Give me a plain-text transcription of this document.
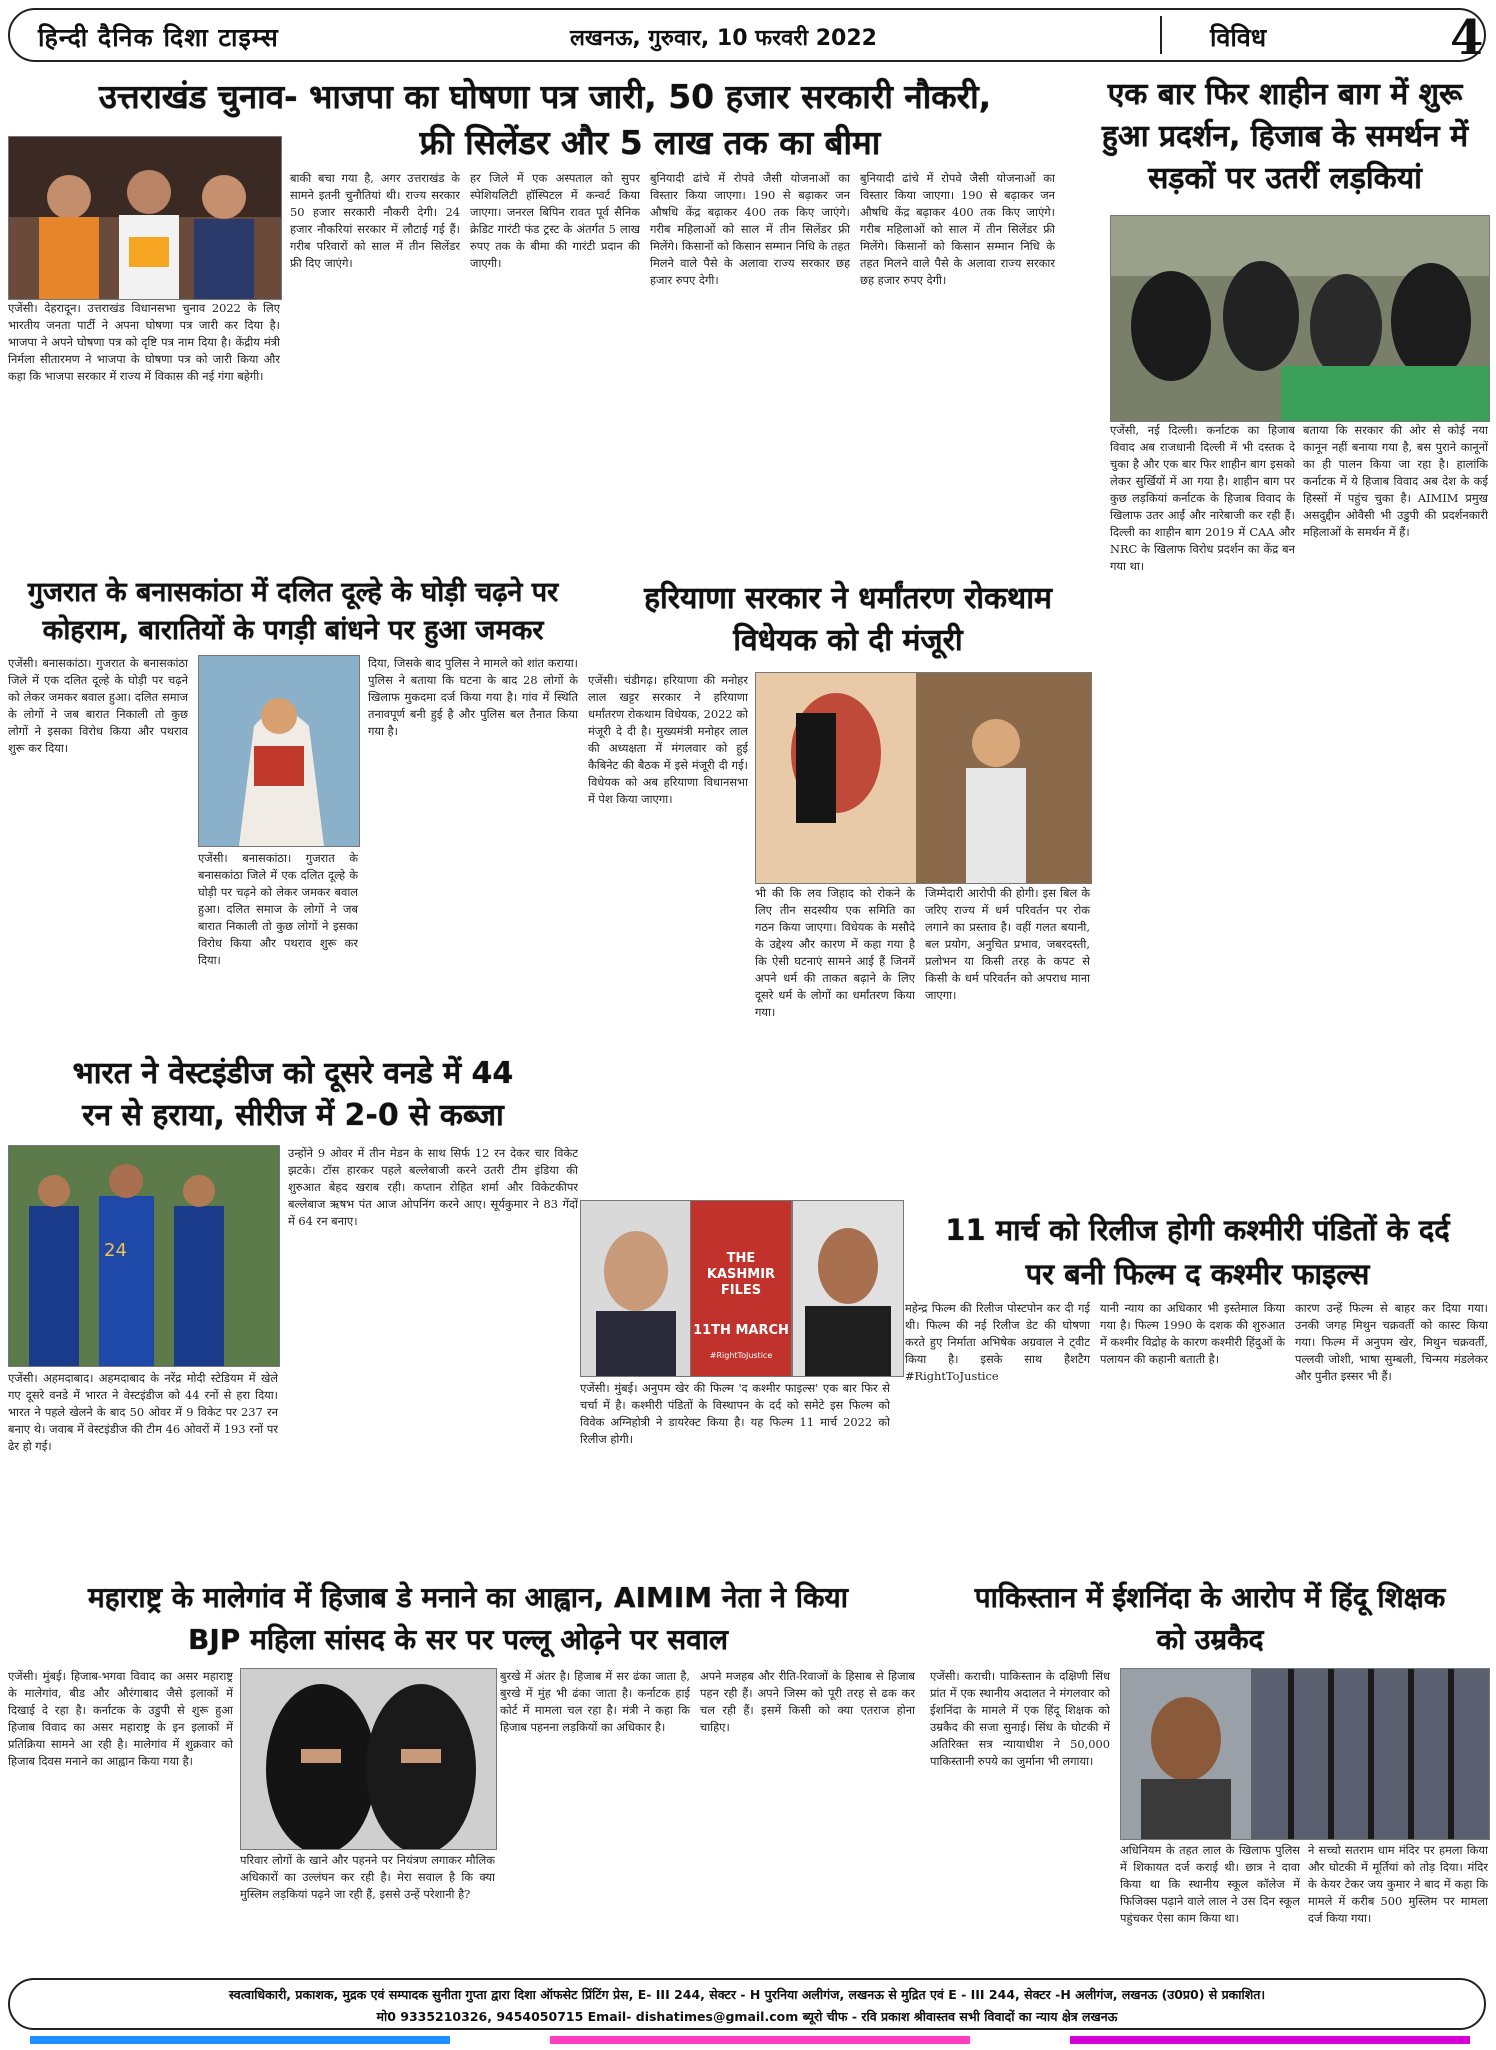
हिन्दी दैनिक दिशा टाइम्स	लखनऊ, गुरुवार, 10 फरवरी 2022	विविध	4
उत्तराखंड चुनाव- भाजपा का घोषणा पत्र जारी, 50 हजार सरकारी नौकरी,
फ्री सिलेंडर और 5 लाख तक का बीमा
एजेंसी। देहरादून। उत्तराखंड विधानसभा चुनाव 2022 के लिए भारतीय जनता पार्टी ने अपना घोषणा पत्र जारी कर दिया है। भाजपा ने अपने घोषणा पत्र को दृष्टि पत्र नाम दिया है। केंद्रीय मंत्री निर्मला सीतारमण ने भाजपा के घोषणा पत्र को जारी किया और कहा कि भाजपा सरकार में राज्य में विकास की नई गंगा बहेगी।
बाकी बचा गया है, अगर उत्तराखंड के सामने इतनी चुनौतियां थी। राज्य सरकार 50 हजार सरकारी नौकरी देगी। 24 हजार नौकरियां सरकार में लौटाई गई हैं। गरीब परिवारों को साल में तीन सिलेंडर फ्री दिए जाएंगे।
हर जिले में एक अस्पताल को सुपर स्पेशियलिटी हॉस्पिटल में कन्वर्ट किया जाएगा। जनरल बिपिन रावत पूर्व सैनिक क्रेडिट गारंटी फंड ट्रस्ट के अंतर्गत 5 लाख रुपए तक के बीमा की गारंटी प्रदान की जाएगी।
बुनियादी ढांचे में रोपवे जैसी योजनाओं का विस्तार किया जाएगा। 190 से बढ़ाकर जन औषधि केंद्र बढ़ाकर 400 तक किए जाएंगे। गरीब महिलाओं को साल में तीन सिलेंडर फ्री मिलेंगे। किसानों को किसान सम्मान निधि के तहत मिलने वाले पैसे के अलावा राज्य सरकार छह हजार रुपए देगी।
बुनियादी ढांचे में रोपवे जैसी योजनाओं का विस्तार किया जाएगा। 190 से बढ़ाकर जन औषधि केंद्र बढ़ाकर 400 तक किए जाएंगे। गरीब महिलाओं को साल में तीन सिलेंडर फ्री मिलेंगे। किसानों को किसान सम्मान निधि के तहत मिलने वाले पैसे के अलावा राज्य सरकार छह हजार रुपए देगी।
एक बार फिर शाहीन बाग में शुरू
हुआ प्रदर्शन, हिजाब के समर्थन में
सड़कों पर उतरीं लड़कियां
एजेंसी, नई दिल्ली। कर्नाटक का हिजाब विवाद अब राजधानी दिल्ली में भी दस्तक दे चुका है और एक बार फिर शाहीन बाग इसको लेकर सुर्खियों में आ गया है। शाहीन बाग पर कुछ लड़कियां कर्नाटक के हिजाब विवाद के खिलाफ उतर आईं और नारेबाजी कर रही हैं। दिल्ली का शाहीन बाग 2019 में CAA और NRC के खिलाफ विरोध प्रदर्शन का केंद्र बन गया था।
बताया कि सरकार की ओर से कोई नया कानून नहीं बनाया गया है, बस पुराने कानूनों का ही पालन किया जा रहा है। हालांकि कर्नाटक में ये हिजाब विवाद अब देश के कई हिस्सों में पहुंच चुका है। AIMIM प्रमुख असदुद्दीन ओवैसी भी उडुपी की प्रदर्शनकारी महिलाओं के समर्थन में हैं।
गुजरात के बनासकांठा में दलित दूल्हे के घोड़ी चढ़ने पर
कोहराम, बारातियों के पगड़ी बांधने पर हुआ जमकर
एजेंसी। बनासकांठा। गुजरात के बनासकांठा जिले में एक दलित दूल्हे के घोड़ी पर चढ़ने को लेकर जमकर बवाल हुआ। दलित समाज के लोगों ने जब बारात निकाली तो कुछ लोगों ने इसका विरोध किया और पथराव शुरू कर दिया।
एजेंसी। बनासकांठा। गुजरात के बनासकांठा जिले में एक दलित दूल्हे के घोड़ी पर चढ़ने को लेकर जमकर बवाल हुआ। दलित समाज के लोगों ने जब बारात निकाली तो कुछ लोगों ने इसका विरोध किया और पथराव शुरू कर दिया।
दिया, जिसके बाद पुलिस ने मामले को शांत कराया। पुलिस ने बताया कि घटना के बाद 28 लोगों के खिलाफ मुकदमा दर्ज किया गया है। गांव में स्थिति तनावपूर्ण बनी हुई है और पुलिस बल तैनात किया गया है।
हरियाणा सरकार ने धर्मांतरण रोकथाम
विधेयक को दी मंजूरी
एजेंसी। चंडीगढ़। हरियाणा की मनोहर लाल खट्टर सरकार ने हरियाणा धर्मांतरण रोकथाम विधेयक, 2022 को मंजूरी दे दी है। मुख्यमंत्री मनोहर लाल की अध्यक्षता में मंगलवार को हुई कैबिनेट की बैठक में इसे मंजूरी दी गई। विधेयक को अब हरियाणा विधानसभा में पेश किया जाएगा।
भी की कि लव जिहाद को रोकने के लिए तीन सदस्यीय एक समिति का गठन किया जाएगा। विधेयक के मसौदे के उद्देश्य और कारण में कहा गया है कि ऐसी घटनाएं सामने आई हैं जिनमें अपने धर्म की ताकत बढ़ाने के लिए दूसरे धर्म के लोगों का धर्मांतरण किया गया।
जिम्मेदारी आरोपी की होगी। इस बिल के जरिए राज्य में धर्म परिवर्तन पर रोक लगाने का प्रस्ताव है। वहीं गलत बयानी, बल प्रयोग, अनुचित प्रभाव, जबरदस्ती, प्रलोभन या किसी तरह के कपट से किसी के धर्म परिवर्तन को अपराध माना जाएगा।
भारत ने वेस्टइंडीज को दूसरे वनडे में 44
रन से हराया, सीरीज में 2-0 से कब्जा
24
एजेंसी। अहमदाबाद। अहमदाबाद के नरेंद्र मोदी स्टेडियम में खेले गए दूसरे वनडे में भारत ने वेस्टइंडीज को 44 रनों से हरा दिया। भारत ने पहले खेलने के बाद 50 ओवर में 9 विकेट पर 237 रन बनाए थे। जवाब में वेस्टइंडीज की टीम 46 ओवरों में 193 रनों पर ढेर हो गई।
उन्होंने 9 ओवर में तीन मेडन के साथ सिर्फ 12 रन देकर चार विकेट झटके। टॉस हारकर पहले बल्लेबाजी करने उतरी टीम इंडिया की शुरुआत बेहद खराब रही। कप्तान रोहित शर्मा और विकेटकीपर बल्लेबाज ऋषभ पंत आज ओपनिंग करने आए। सूर्यकुमार ने 83 गेंदों में 64 रन बनाए।
THE KASHMIR FILES
11TH MARCH
#RightToJustice
11 मार्च को रिलीज होगी कश्मीरी पंडितों के दर्द
पर बनी फिल्म द कश्मीर फाइल्स
एजेंसी। मुंबई। अनुपम खेर की फिल्म 'द कश्मीर फाइल्स' एक बार फिर से चर्चा में है। कश्मीरी पंडितों के विस्थापन के दर्द को समेटे इस फिल्म को विवेक अग्निहोत्री ने डायरेक्ट किया है। यह फिल्म 11 मार्च 2022 को रिलीज होगी।
महेन्द्र फिल्म की रिलीज पोस्टपोन कर दी गई थी। फिल्म की नई रिलीज डेट की घोषणा करते हुए निर्माता अभिषेक अग्रवाल ने ट्वीट किया है। इसके साथ हैशटैग #RightToJustice
यानी न्याय का अधिकार भी इस्तेमाल किया गया है। फिल्म 1990 के दशक की शुरुआत में कश्मीर विद्रोह के कारण कश्मीरी हिंदुओं के पलायन की कहानी बताती है।
कारण उन्हें फिल्म से बाहर कर दिया गया। उनकी जगह मिथुन चक्रवर्ती को कास्ट किया गया। फिल्म में अनुपम खेर, मिथुन चक्रवर्ती, पल्लवी जोशी, भाषा सुम्बली, चिन्मय मंडलेकर और पुनीत इस्सर भी हैं।
महाराष्ट्र के मालेगांव में हिजाब डे मनाने का आह्वान, AIMIM नेता ने किया
BJP महिला सांसद के सर पर पल्लू ओढ़ने पर सवाल
एजेंसी। मुंबई। हिजाब-भगवा विवाद का असर महाराष्ट्र के मालेगांव, बीड और औरंगाबाद जैसे इलाकों में दिखाई दे रहा है। कर्नाटक के उडुपी से शुरू हुआ हिजाब विवाद का असर महाराष्ट्र के इन इलाकों में प्रतिक्रिया सामने आ रही है। मालेगांव में शुक्रवार को हिजाब दिवस मनाने का आह्वान किया गया है।
परिवार लोगों के खाने और पहनने पर नियंत्रण लगाकर मौलिक अधिकारों का उल्लंघन कर रही है। मेरा सवाल है कि क्या मुस्लिम लड़कियां पढ़ने जा रही हैं, इससे उन्हें परेशानी है?
बुरखे में अंतर है। हिजाब में सर ढंका जाता है, बुरखे में मुंह भी ढंका जाता है। कर्नाटक हाई कोर्ट में मामला चल रहा है। मंत्री ने कहा कि हिजाब पहनना लड़कियों का अधिकार है।
अपने मजहब और रीति-रिवाजों के हिसाब से हिजाब पहन रही हैं। अपने जिस्म को पूरी तरह से ढक कर चल रही हैं। इसमें किसी को क्या एतराज होना चाहिए।
पाकिस्तान में ईशनिंदा के आरोप में हिंदू शिक्षक
को उम्रकैद
एजेंसी। कराची। पाकिस्तान के दक्षिणी सिंध प्रांत में एक स्थानीय अदालत ने मंगलवार को ईशनिंदा के मामले में एक हिंदू शिक्षक को उम्रकैद की सजा सुनाई। सिंध के घोटकी में अतिरिक्त सत्र न्यायाधीश ने 50,000 पाकिस्तानी रुपये का जुर्माना भी लगाया।
अधिनियम के तहत लाल के खिलाफ पुलिस में शिकायत दर्ज कराई थी। छात्र ने दावा किया था कि स्थानीय स्कूल कॉलेज में फिजिक्स पढ़ाने वाले लाल ने उस दिन स्कूल पहुंचकर ऐसा काम किया था।
ने सच्चो सतराम धाम मंदिर पर हमला किया और घोटकी में मूर्तियां को तोड़ दिया। मंदिर के केयर टेकर जय कुमार ने बाद में कहा कि मामले में करीब 500 मुस्लिम पर मामला दर्ज किया गया।
स्वत्वाधिकारी, प्रकाशक, मुद्रक एवं सम्पादक सुनीता गुप्ता द्वारा दिशा ऑफसेट प्रिंटिंग प्रेस, E- III 244, सेक्टर - H पुरनिया अलीगंज, लखनऊ से मुद्रित एवं E - III 244, सेक्टर -H अलीगंज, लखनऊ (उ0प्र0) से प्रकाशित।
मो0 9335210326, 9454050715 Email- dishatimes@gmail.com ब्यूरो चीफ - रवि प्रकाश श्रीवास्तव सभी विवादों का न्याय क्षेत्र लखनऊ
